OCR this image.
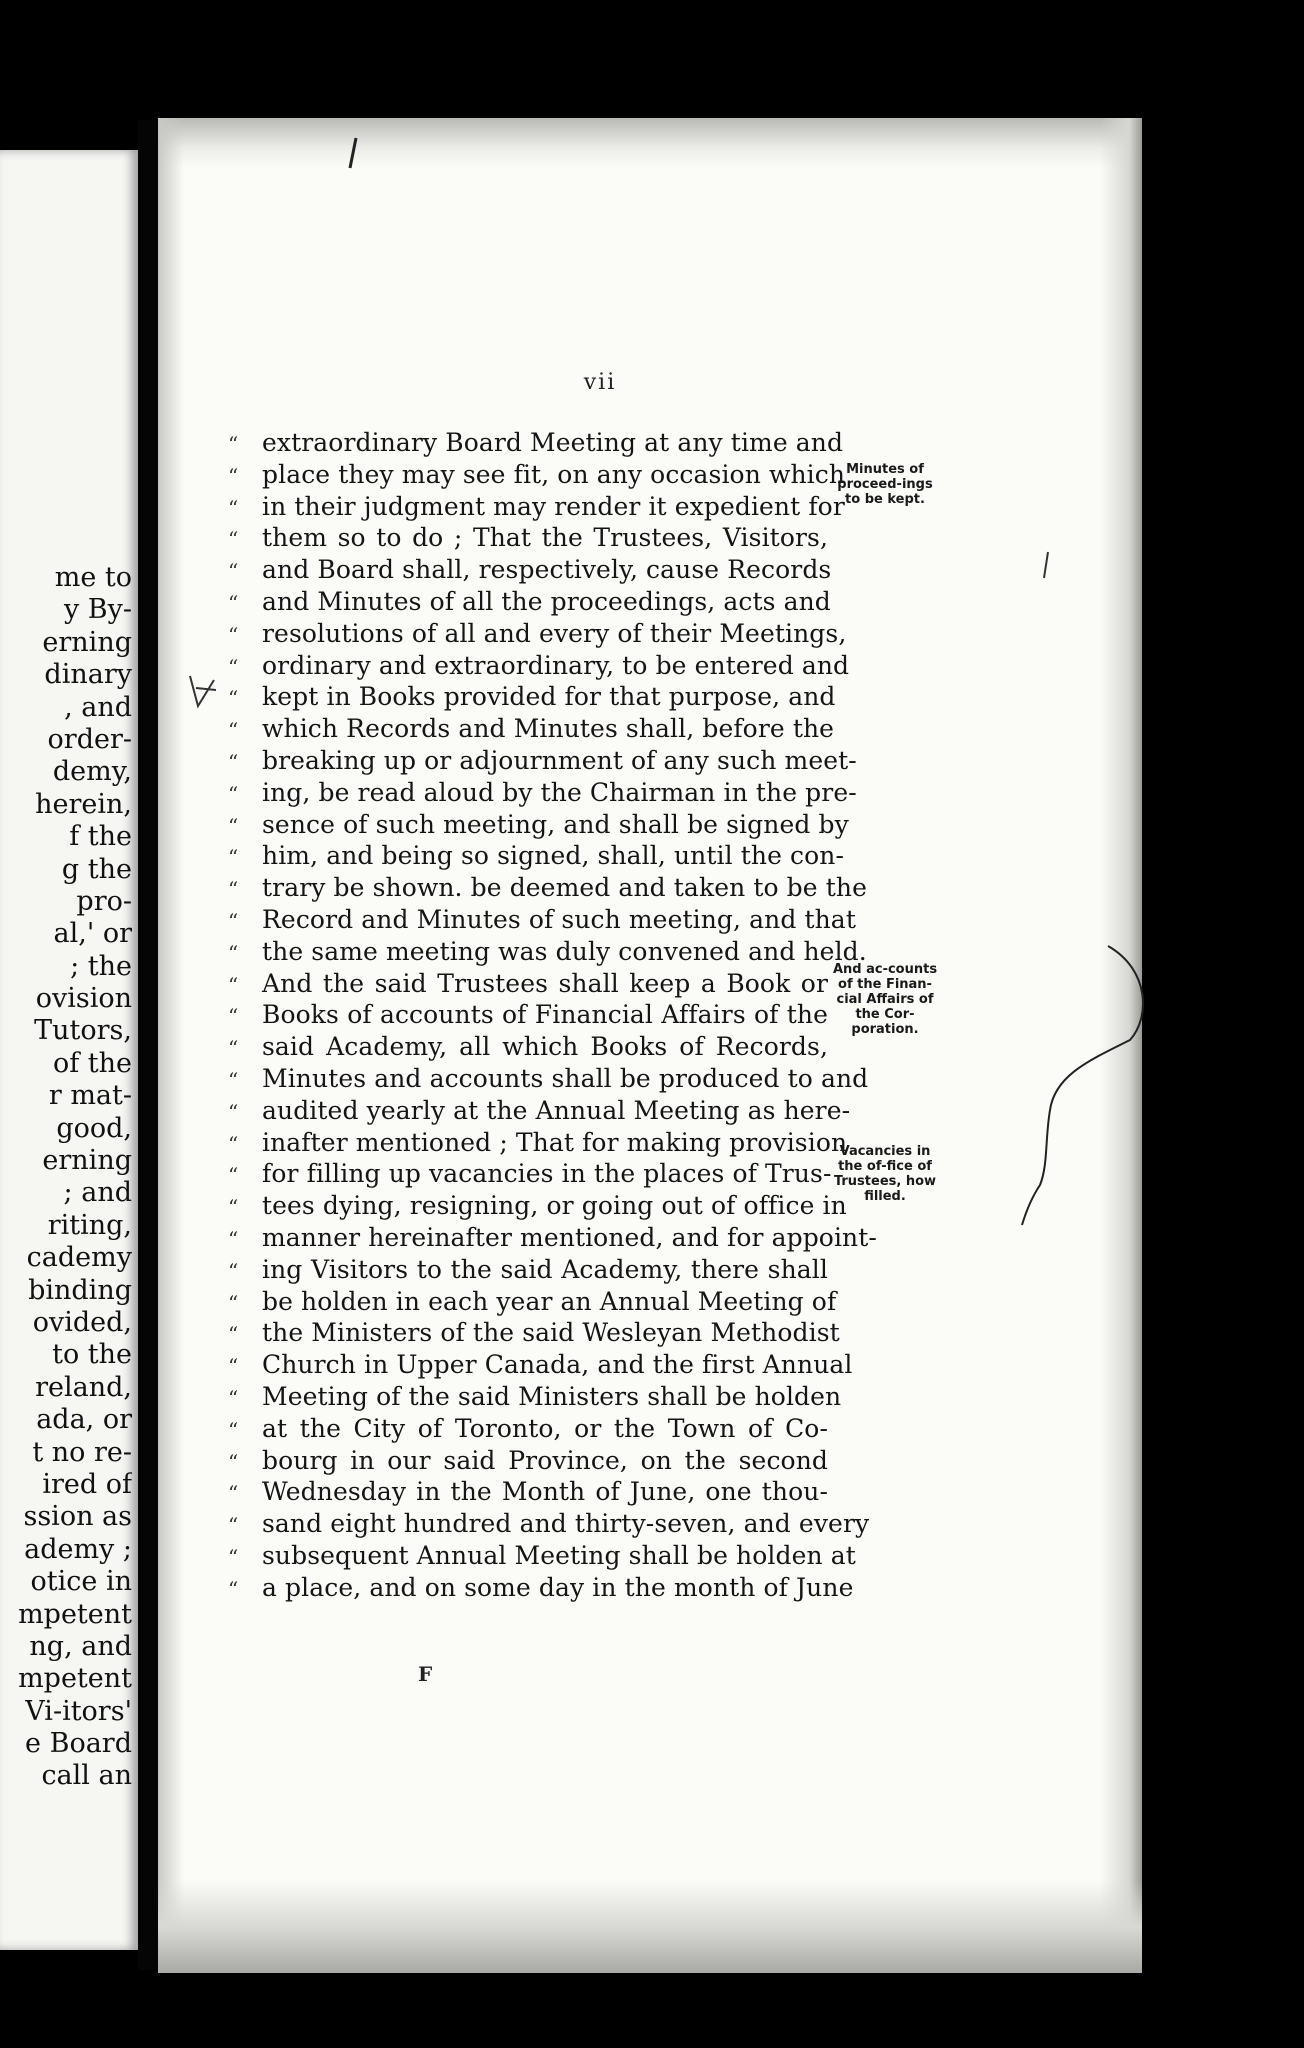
me to
y By-
erning
dinary
, and
order-
demy,
herein,
f the
g the
pro-
al,' or
; the
ovision
Tutors,
of the
r mat-
good,
erning
; and
riting,
cademy
binding
ovided,
to the
reland,
ada, or
t no re-
ired of
ssion as
ademy ;
otice in
mpetent
ng, and
mpetent
Vi-itors'
e Board
call an
vii
“ extraordinary Board Meeting at any time and
“ place they may see fit, on any occasion which
“ in their judgment may render it expedient for
“ them so to do ; That the Trustees, Visitors,
“ and Board shall, respectively, cause Records
“ and Minutes of all the proceedings, acts and
“ resolutions of all and every of their Meetings,
“ ordinary and extraordinary, to be entered and
“ kept in Books provided for that purpose, and
“ which Records and Minutes shall, before the
“ breaking up or adjournment of any such meet-
“ ing, be read aloud by the Chairman in the pre-
“ sence of such meeting, and shall be signed by
“ him, and being so signed, shall, until the con-
“ trary be shown. be deemed and taken to be the
“ Record and Minutes of such meeting, and that
“ the same meeting was duly convened and held.
“ And the said Trustees shall keep a Book or
“ Books of accounts of Financial Affairs of the
“ said Academy, all which Books of Records,
“ Minutes and accounts shall be produced to and
“ audited yearly at the Annual Meeting as here-
“ inafter mentioned ; That for making provision
“ for filling up vacancies in the places of Trus-
“ tees dying, resigning, or going out of office in
“ manner hereinafter mentioned, and for appoint-
“ ing Visitors to the said Academy, there shall
“ be holden in each year an Annual Meeting of
“ the Ministers of the said Wesleyan Methodist
“ Church in Upper Canada, and the first Annual
“ Meeting of the said Ministers shall be holden
“ at the City of Toronto, or the Town of Co-
“ bourg in our said Province, on the second
“ Wednesday in the Month of June, one thou-
“ sand eight hundred and thirty-seven, and every
“ subsequent Annual Meeting shall be holden at
“ a place, and on some day in the month of June
Minutes of proceed-ings to be kept.
And ac-counts of the Finan-cial Affairs of the Cor-poration.
Vacancies in the of-fice of Trustees, how filled.
F
